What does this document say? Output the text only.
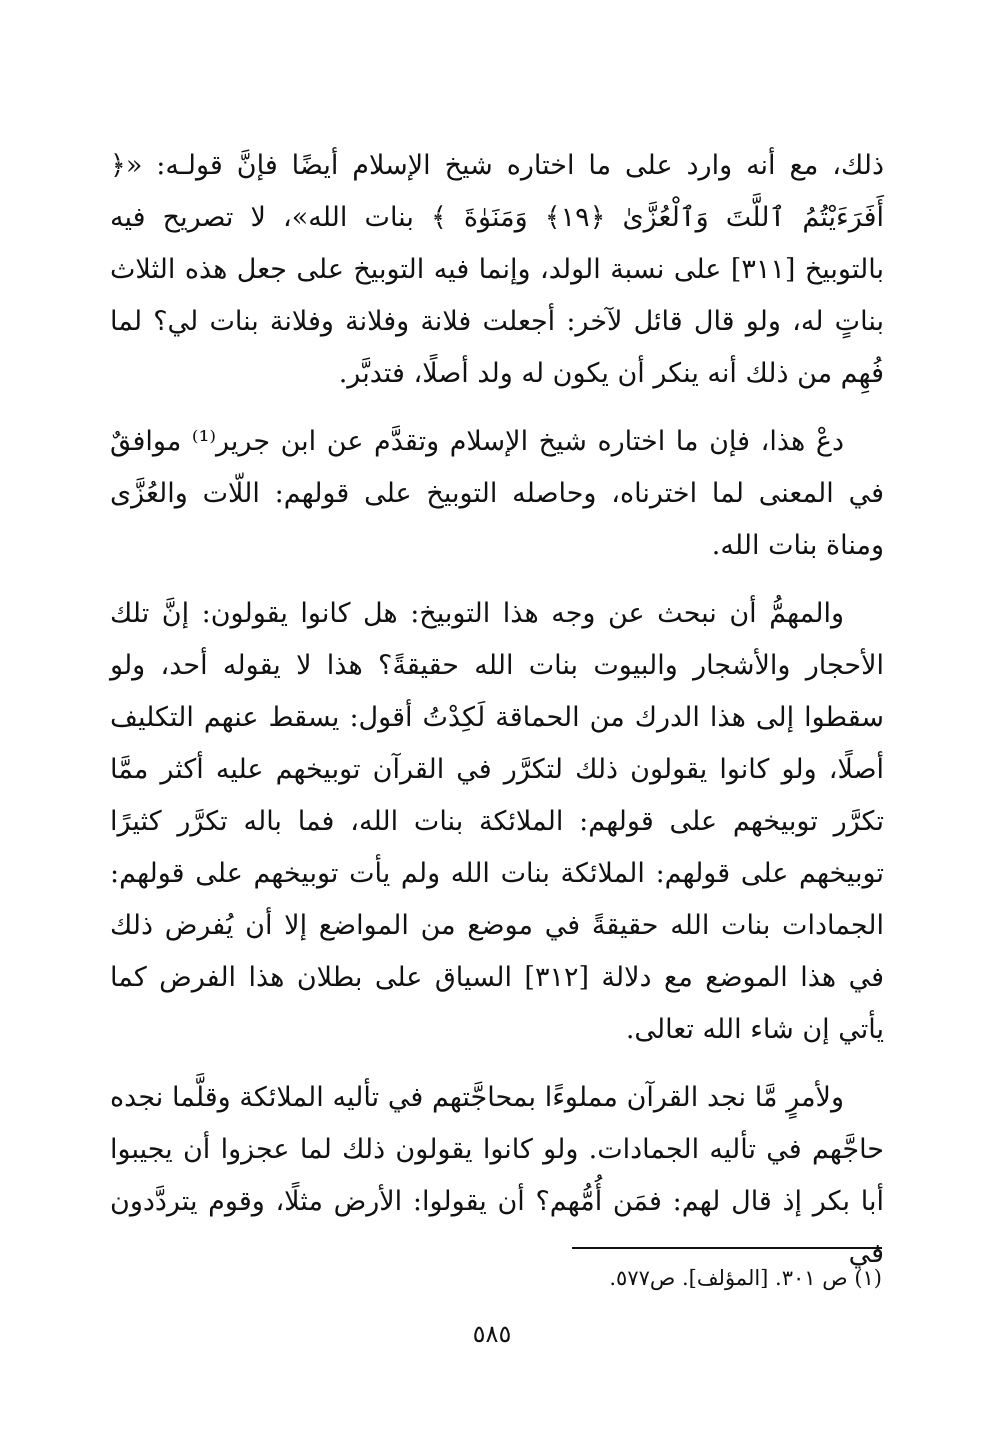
ذلك، مع أنه وارد على ما اختاره شيخ الإسلام أيضًا فإنَّ قولـه: «﴿ أَفَرَءَيْتُمُ ٱللَّتَ وَٱلْعُزَّىٰ ﴿١٩﴾ وَمَنَوٰةَ ﴾ بنات الله»، لا تصريح فيه بالتوبيخ [٣١١] على نسبة الولد، وإنما فيه التوبيخ على جعل هذه الثلاث بناتٍ له، ولو قال قائل لآخر: أجعلت فلانة وفلانة وفلانة بنات لي؟ لما فُهِم من ذلك أنه ينكر أن يكون له ولد أصلًا، فتدبَّر.

دعْ هذا، فإن ما اختاره شيخ الإسلام وتقدَّم عن ابن جرير⁽¹⁾ موافقٌ في المعنى لما اخترناه، وحاصله التوبيخ على قولهم: اللّات والعُزَّى ومناة بنات الله.

والمهمُّ أن نبحث عن وجه هذا التوبيخ: هل كانوا يقولون: إنَّ تلك الأحجار والأشجار والبيوت بنات الله حقيقةً؟ هذا لا يقوله أحد، ولو سقطوا إلى هذا الدرك من الحماقة لَكِدْتُ أقول: يسقط عنهم التكليف أصلًا، ولو كانوا يقولون ذلك لتكرَّر في القرآن توبيخهم عليه أكثر ممَّا تكرَّر توبيخهم على قولهم: الملائكة بنات الله، فما باله تكرَّر كثيرًا توبيخهم على قولهم: الملائكة بنات الله ولم يأت توبيخهم على قولهم: الجمادات بنات الله حقيقةً في موضع من المواضع إلا أن يُفرض ذلك في هذا الموضع مع دلالة [٣١٢] السياق على بطلان هذا الفرض كما يأتي إن شاء الله تعالى.

ولأمرٍ مَّا نجد القرآن مملوءًا بمحاجَّتهم في تأليه الملائكة وقلَّما نجده حاجَّهم في تأليه الجمادات. ولو كانوا يقولون ذلك لما عجزوا أن يجيبوا أبا بكر إذ قال لهم: فمَن أُمُّهم؟ أن يقولوا: الأرض مثلًا، وقوم يتردَّدون في

(١) ص ٣٠١. [المؤلف]. ص٥٧٧.
٥٨٥
